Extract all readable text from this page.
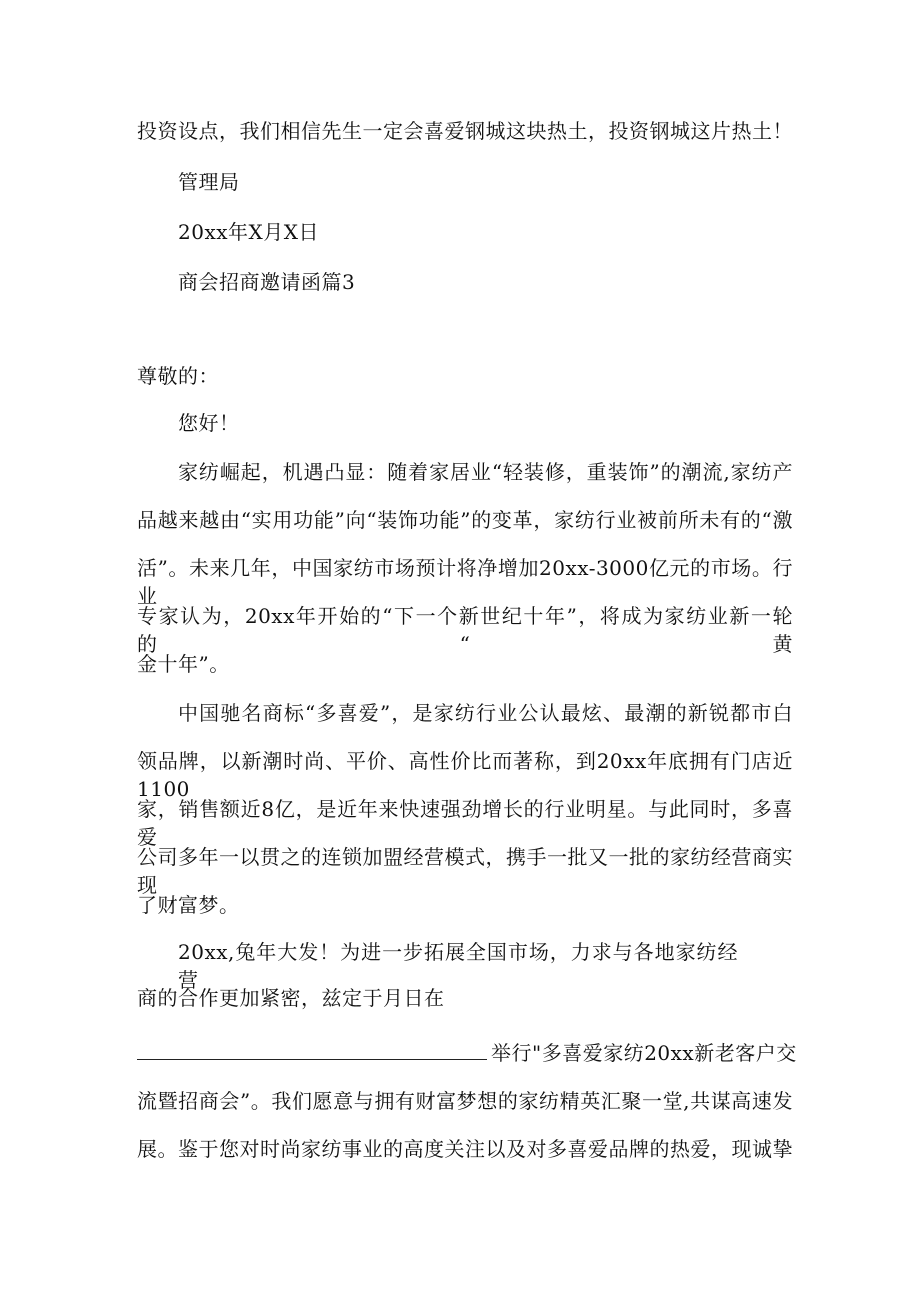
投资设点，我们相信先生一定会喜爱钢城这块热土，投资钢城这片热土！
管理局
20xx年X月X日
商会招商邀请函篇3
尊敬的：
您好！
家纺崛起，机遇凸显：随着家居业“轻装修，重装饰”的潮流,家纺产
品越来越由“实用功能”向“装饰功能”的变革，家纺行业被前所未有的“激
活”。未来几年，中国家纺市场预计将净增加20xx-3000亿元的市场。行业
专家认为，20xx年开始的“下一个新世纪十年”，将成为家纺业新一轮的“黄
金十年”。
中国驰名商标“多喜爱”，是家纺行业公认最炫、最潮的新锐都市白
领品牌，以新潮时尚、平价、高性价比而著称，到20xx年底拥有门店近1100
家，销售额近8亿，是近年来快速强劲增长的行业明星。与此同时，多喜爱
公司多年一以贯之的连锁加盟经营模式，携手一批又一批的家纺经营商实现
了财富梦。
20xx,兔年大发！为进一步拓展全国市场，力求与各地家纺经营
商的合作更加紧密，兹定于月日在
举行"多喜爱家纺20xx新老客户交
流暨招商会”。我们愿意与拥有财富梦想的家纺精英汇聚一堂,共谋高速发
展。鉴于您对时尚家纺事业的高度关注以及对多喜爱品牌的热爱，现诚挚
